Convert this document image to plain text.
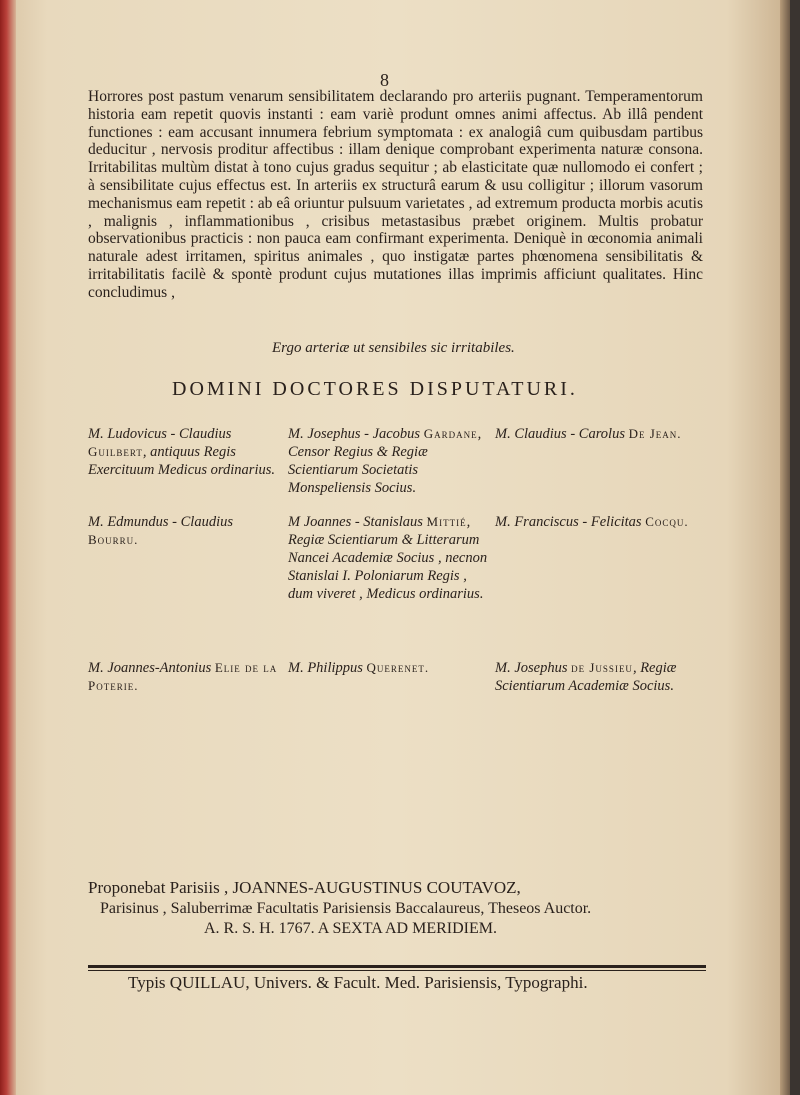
8

Horrores post pastum venarum sensibilitatem declarando pro arteriis pugnant. Temperamentorum historia eam repetit quovis instanti : eam variè produnt omnes animi affectus. Ab illâ pendent functiones : eam accusant innumera febrium symptomata : ex analogiâ cum quibusdam partibus deducitur , nervosis proditur affectibus : illam denique comprobant experimenta naturæ consona. Irritabilitas multùm distat à tono cujus gradus sequitur ; ab elasticitate quæ nullomodo ei confert ; à sensibilitate cujus effectus est. In arteriis ex structurâ earum & usu colligitur ; illorum vasorum mechanismus eam repetit : ab eâ oriuntur pulsuum varietates , ad extremum producta morbis acutis , malignis , inflammationibus , crisibus metastasibus præbet originem. Multis probatur observationibus practicis : non pauca eam confirmant experimenta. Deniquè in œconomia animali naturale adest irritamen, spiritus animales , quo instigatæ partes phœnomena sensibilitatis & irritabilitatis facilè & spontè produnt cujus mutationes illas imprimis afficiunt qualitates. Hinc concludimus ,

Ergo arteriæ ut sensibiles sic irritabiles.
DOMINI DOCTORES DISPUTATURI.
M. Ludovicus - Claudius Guilbert, antiquus Regis Exercituum Medicus ordinarius.
M. Josephus - Jacobus Gardane, Censor Regius & Regiæ Scientiarum Societatis Monspeliensis Socius.
M. Claudius - Carolus De Jean.
M. Edmundus - Claudius Bourru.
M Joannes - Stanislaus Mittié, Regiæ Scientiarum & Litterarum Nancei Academiæ Socius , necnon Stanislai I. Poloniarum Regis , dum viveret , Medicus ordinarius.
M. Franciscus - Felicitas Cocqu.
M. Joannes-Antonius Elie de la Poterie.
M. Philippus Querenet.	M. Josephus de Jussieu, Regiæ Scientiarum Academiæ Socius.
Proponebat Parisiis , JOANNES-AUGUSTINUS COUTAVOZ,
Parisinus , Saluberrimæ Facultatis Parisiensis Baccalaureus, Theseos Auctor.
A. R. S. H. 1767. A SEXTA AD MERIDIEM.
Typis QUILLAU, Univers. & Facult. Med. Parisiensis, Typographi.
